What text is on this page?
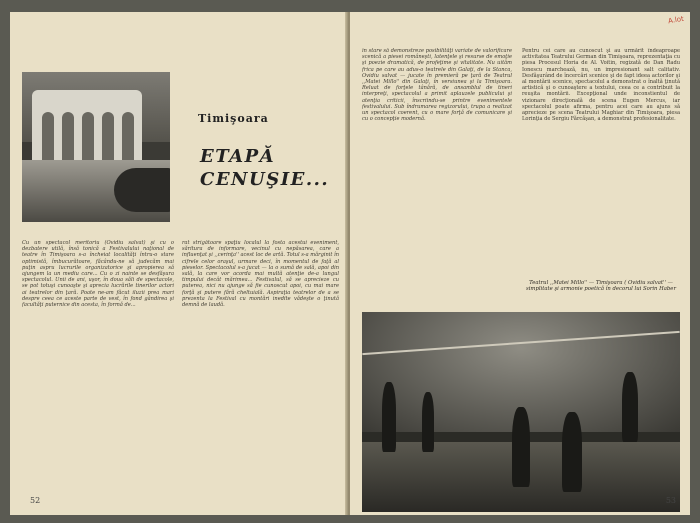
Timişoara
ETAPĂ CENUŞIE...
Cu un spectacol meritoriu (Ovidiu salvat) şi cu o dezbatere utilă, însă tonică a Festivalului naţional de teatre în Timişoara s-a încheiat localităţi întru-o stare optimistă, îmbucurătoare, făcându-ne să judecăm mai puţin aspru lucrurile organizatorice şi apropierea să ajungem la un mediu care... Cu o zi nainte se desfăşura spectacolul. Unii de ani, uşor, în doua săli de spectacole, se pot totuşi cunoaşte şi aprecia lucrările tinerilor actori ai teatrelor din ţară. Poate ne-am făcut iluzii prea mari despre ceea ce aceste parte de vest, în fond gândirea şi facultăţi puternice din acesta, în formă de...
rat strigătoare spaţiu localul la fosta acestui eveniment, săritura de informare, vecinul cu nepăsarea, care a influenţat şi ,,cerinţa'' acest loc de artă. Totul s-a mărginit în cifrele celor oraşul, urmare deci, în momentul de faţă al pieselor. Spectacolul s-a jucat — la o sumă de sală, apoi din sală, la care vor acorda mai multă atenţie de-a lungul timpului decât mărimea... Festivalul, să se aprecieze cu puterea, nici nu ajunge să fie cunoscut apoi, cu mai mare forţă şi putere fără cheltuială. Aspiraţia teatrelor de a se prezenta la Festival cu montări inedite vădeşte o ţinută demnă de laudă.
52
în stare să demonstreze posibilităţi variate de valorificare scenică a piesei româneşti, latenţele şi resurse de emoţie şi poezie dramatică, de profeţime şi vitalitate. Nu uităm frica pe care au adus-o teatrele din Galaţi, de la Stanca, Ovidiu salvat — jucate în premieră pe ţară de Teatrul ,,Matei Millo'' din Galaţi, în versiunea şi la Timişoara. Reluat de forţele tânără, de ansamblul de tineri interpreţi, spectacolul a primit aplauzele publicului şi atenţia criticii, înscriindu-se printre evenimentele festivalului. Sub îndrumarea regizorului, trupa a realizat un spectacol coerent, cu o mare forţă de comunicare şi cu o concepţie modernă.
Pentru cei care au cunoscut şi au urmărit îndeaproape activitatea Teatrului German din Timişoara, reprezentaţia cu piesa Procesul Horia de Al. Voitin, regizată de Dan Radu Ionescu marchează, nu, un impresionant salt calitativ. Desfăşurând de încercări scenice şi de fapt ideea actorilor şi al montării scenice, spectacolul a demonstrat o înaltă ţinută artistică şi o cunoaştere a textului, ceea ce a contribuit la reuşita montării. Excepţional unde inconstientul de vizionare direcţională de scena Eugen Mercus, iar spectacolul poate afirma, pentru acei care au ajuns să aprecieze pe scena Teatrului Maghiar din Timişoara, piesa Lorinţia de Sergiu Fărcăşan, a demonstrat profesionalitate.
Teatrul ,,Matei Millo'' — Timişoara ( Ovidiu salvat'' — simplitate şi armonie poetică în decorul lui Sorin Haber
A.lot
53
